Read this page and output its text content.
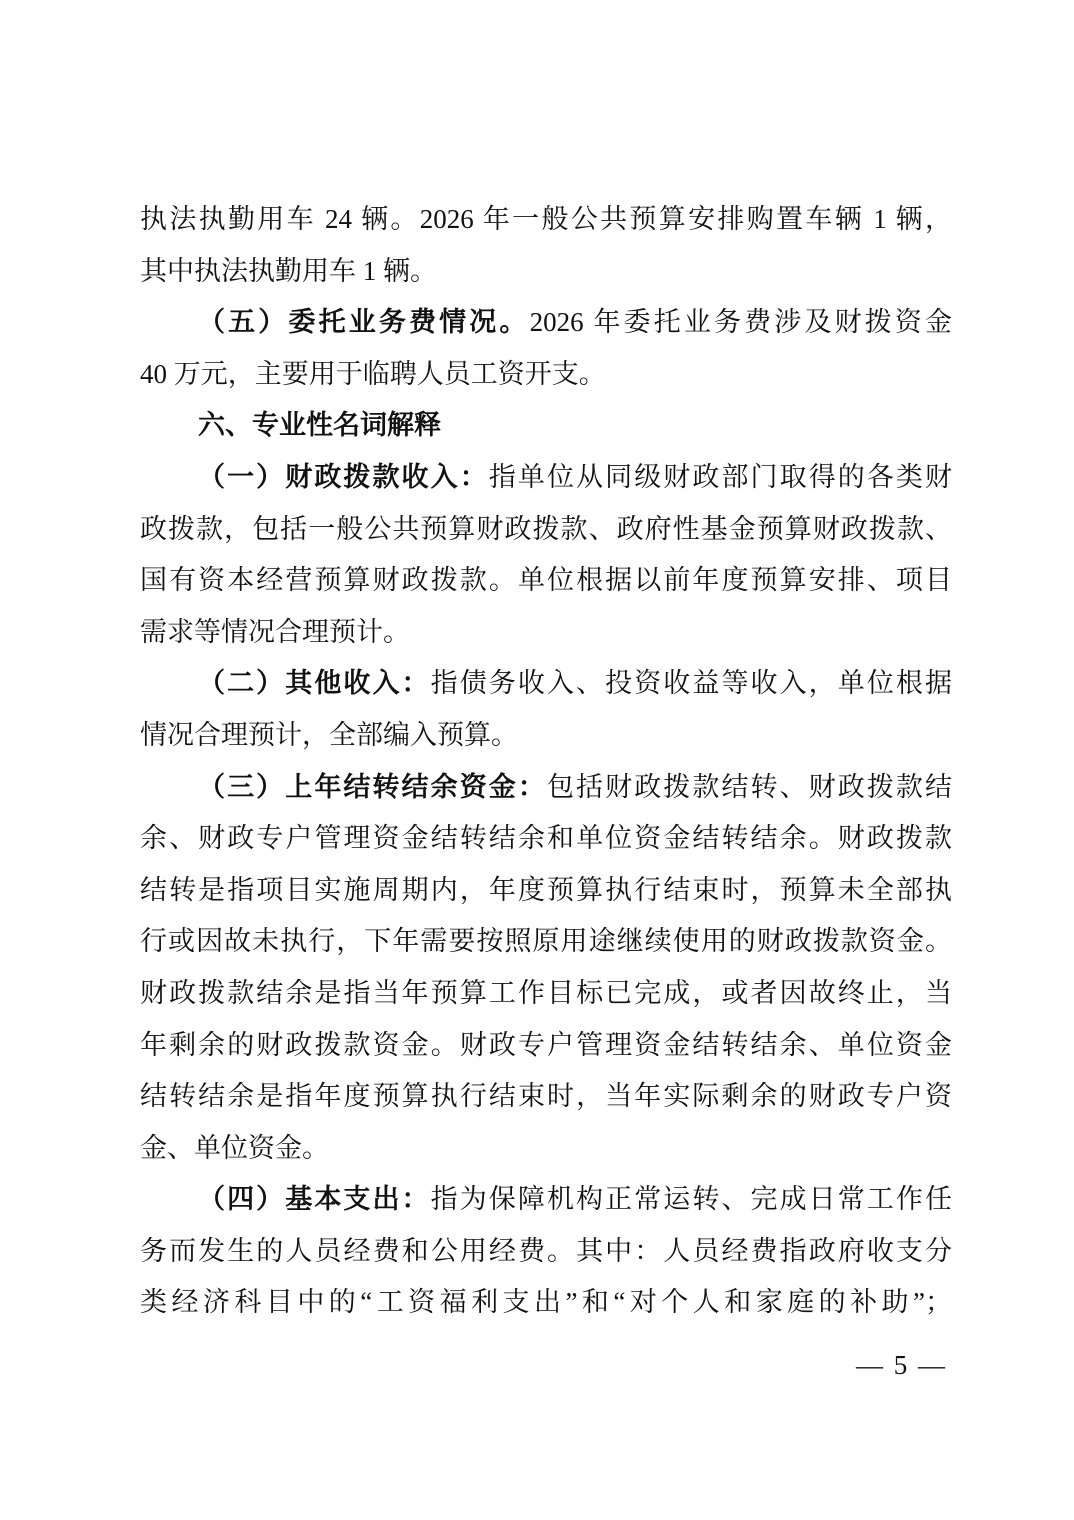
执法执勤用车 24 辆。2026 年一般公共预算安排购置车辆 1 辆，
其中执法执勤用车 1 辆。
（五）委托业务费情况。2026 年委托业务费涉及财拨资金
40 万元，主要用于临聘人员工资开支。
六、专业性名词解释
（一）财政拨款收入：指单位从同级财政部门取得的各类财
政拨款，包括一般公共预算财政拨款、政府性基金预算财政拨款、
国有资本经营预算财政拨款。单位根据以前年度预算安排、项目
需求等情况合理预计。
（二）其他收入：指债务收入、投资收益等收入，单位根据
情况合理预计，全部编入预算。
（三）上年结转结余资金：包括财政拨款结转、财政拨款结
余、财政专户管理资金结转结余和单位资金结转结余。财政拨款
结转是指项目实施周期内，年度预算执行结束时，预算未全部执
行或因故未执行，下年需要按照原用途继续使用的财政拨款资金。
财政拨款结余是指当年预算工作目标已完成，或者因故终止，当
年剩余的财政拨款资金。财政专户管理资金结转结余、单位资金
结转结余是指年度预算执行结束时，当年实际剩余的财政专户资
金、单位资金。
（四）基本支出：指为保障机构正常运转、完成日常工作任
务而发生的人员经费和公用经费。其中：人员经费指政府收支分
类经济科目中的“工资福利支出”和“对个人和家庭的补助”；
— 5 —
